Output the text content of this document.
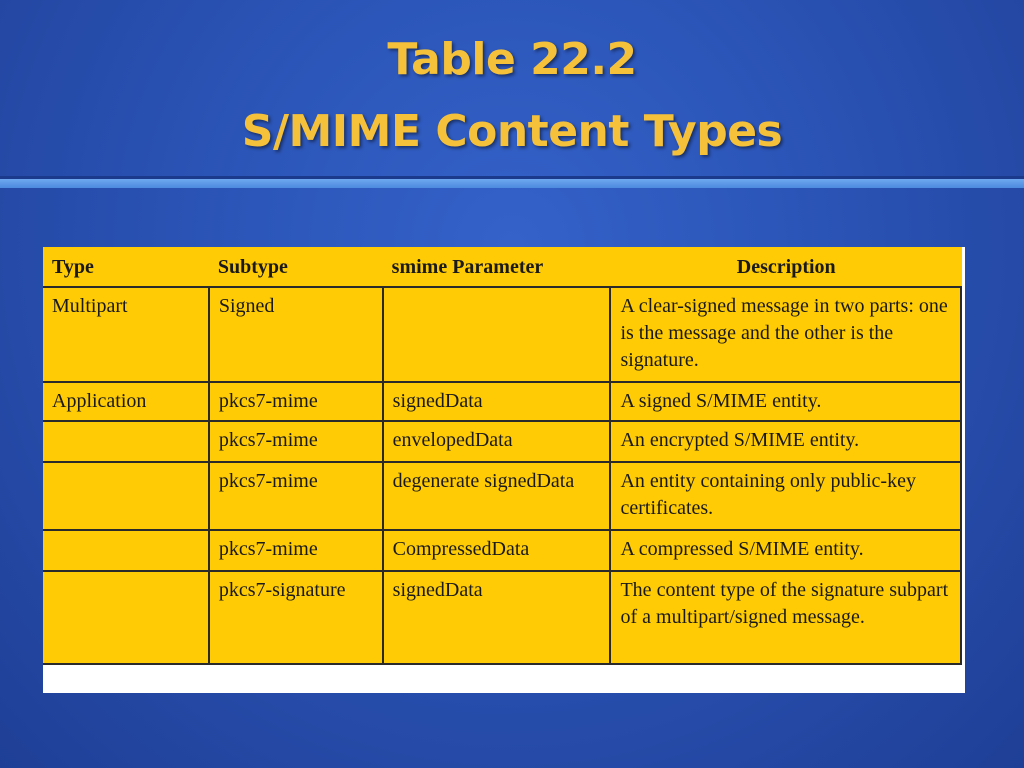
Table 22.2
S/MIME Content Types
Type	Subtype	smime Parameter	Description
Multipart	Signed		A clear-signed message in two parts: one is the message and the other is the signature.
Application	pkcs7-mime	signedData	A signed S/MIME entity.
	pkcs7-mime	envelopedData	An encrypted S/MIME entity.
	pkcs7-mime	degenerate signedData	An entity containing only public-key certificates.
	pkcs7-mime	CompressedData	A compressed S/MIME entity.
	pkcs7-signature	signedData	The content type of the signature subpart of a multipart/signed message.
